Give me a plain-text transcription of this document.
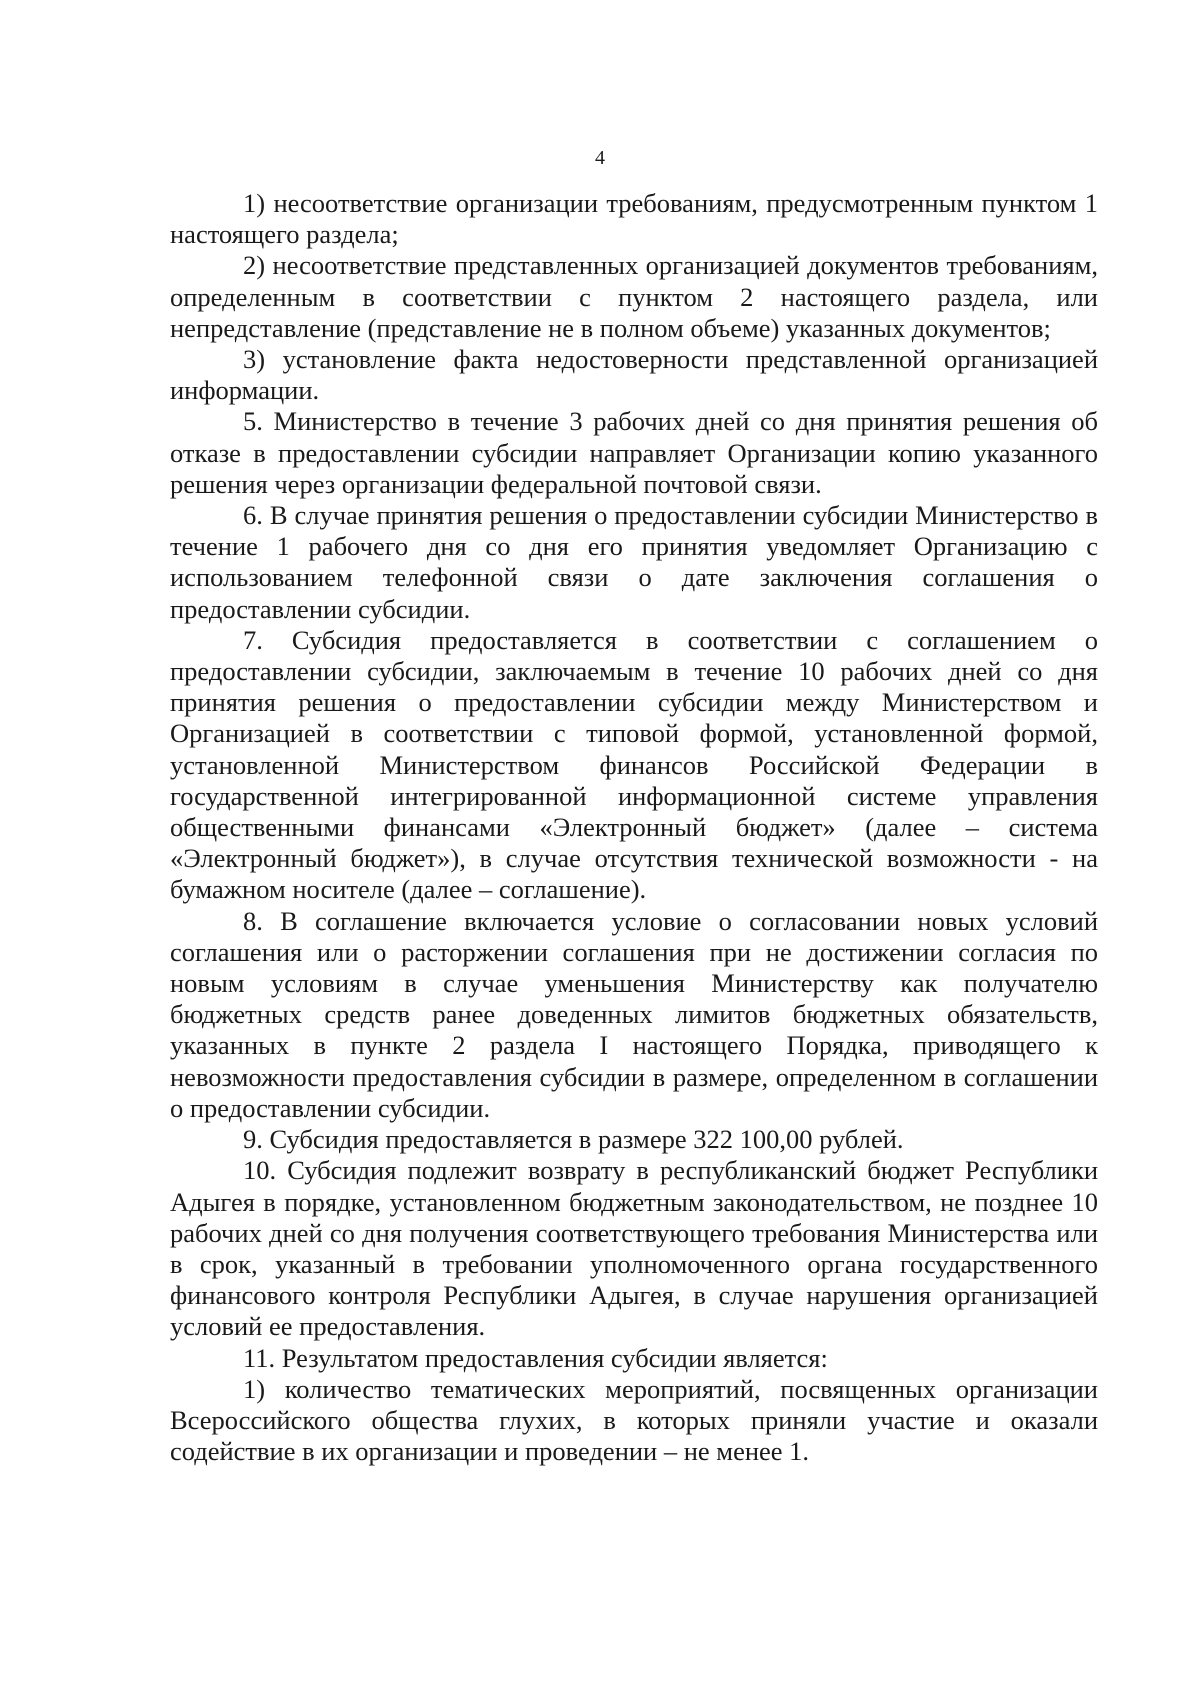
4

1) несоответствие организации требованиям, предусмотренным пунктом 1 настоящего раздела;

2) несоответствие представленных организацией документов требованиям, определенным в соответствии с пунктом 2 настоящего раздела, или непредставление (представление не в полном объеме) указанных документов;

3) установление факта недостоверности представленной организацией информации.

5. Министерство в течение 3 рабочих дней со дня принятия решения об отказе в предоставлении субсидии направляет Организации копию указанного решения через организации федеральной почтовой связи.

6. В случае принятия решения о предоставлении субсидии Министерство в течение 1 рабочего дня со дня его принятия уведомляет Организацию с использованием телефонной связи о дате заключения соглашения о предоставлении субсидии.

7. Субсидия предоставляется в соответствии с соглашением о предоставлении субсидии, заключаемым в течение 10 рабочих дней со дня принятия решения о предоставлении субсидии между Министерством и Организацией в соответствии с типовой формой, установленной формой, установленной Министерством финансов Российской Федерации в государственной интегрированной информационной системе управления общественными финансами «Электронный бюджет» (далее – система «Электронный бюджет»), в случае отсутствия технической возможности - на бумажном носителе (далее – соглашение).

8. В соглашение включается условие о согласовании новых условий соглашения или о расторжении соглашения при не достижении согласия по новым условиям в случае уменьшения Министерству как получателю бюджетных средств ранее доведенных лимитов бюджетных обязательств, указанных в пункте 2 раздела I настоящего Порядка, приводящего к невозможности предоставления субсидии в размере, определенном в соглашении о предоставлении субсидии.

9. Субсидия предоставляется в размере 322 100,00 рублей.

10. Субсидия подлежит возврату в республиканский бюджет Республики Адыгея в порядке, установленном бюджетным законодательством, не позднее 10 рабочих дней со дня получения соответствующего требования Министерства или в срок, указанный в требовании уполномоченного органа государственного финансового контроля Республики Адыгея, в случае нарушения организацией условий ее предоставления.

11. Результатом предоставления субсидии является:

1) количество тематических мероприятий, посвященных организации Всероссийского общества глухих, в которых приняли участие и оказали содействие в их организации и проведении – не менее 1.
